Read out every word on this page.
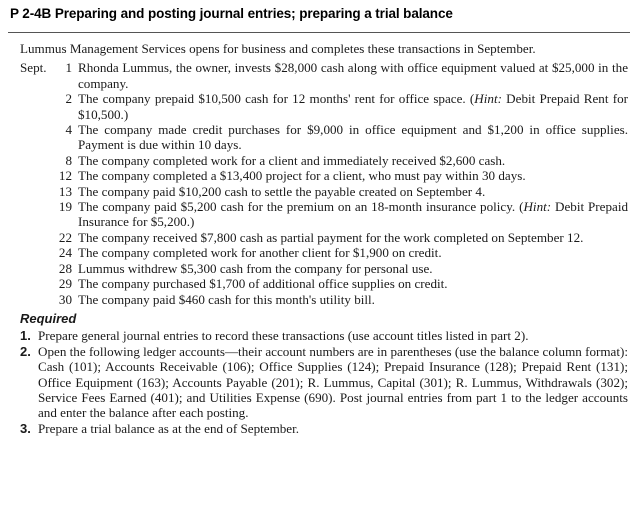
P 2-4B Preparing and posting journal entries; preparing a trial balance

Lummus Management Services opens for business and completes these transactions in September.

Sept.	1 Rhonda Lummus, the owner, invests $28,000 cash along with office equipment valued at $25,000 in the company.
2 The company prepaid $10,500 cash for 12 months' rent for office space. (Hint: Debit Prepaid Rent for $10,500.)
4 The company made credit purchases for $9,000 in office equipment and $1,200 in office supplies. Payment is due within 10 days.
8 The company completed work for a client and immediately received $2,600 cash.
12 The company completed a $13,400 project for a client, who must pay within 30 days.
13 The company paid $10,200 cash to settle the payable created on September 4.
19 The company paid $5,200 cash for the premium on an 18-month insurance policy. (Hint: Debit Prepaid Insurance for $5,200.)
22 The company received $7,800 cash as partial payment for the work completed on September 12.
24 The company completed work for another client for $1,900 on credit.
28 Lummus withdrew $5,300 cash from the company for personal use.
29 The company purchased $1,700 of additional office supplies on credit.
30 The company paid $460 cash for this month's utility bill.
Required
1. Prepare general journal entries to record these transactions (use account titles listed in part 2).
2. Open the following ledger accounts—their account numbers are in parentheses (use the balance column format): Cash (101); Accounts Receivable (106); Office Supplies (124); Prepaid Insurance (128); Prepaid Rent (131); Office Equipment (163); Accounts Payable (201); R. Lummus, Capital (301); R. Lummus, Withdrawals (302); Service Fees Earned (401); and Utilities Expense (690). Post journal entries from part 1 to the ledger accounts and enter the balance after each posting.
3. Prepare a trial balance as at the end of September.
